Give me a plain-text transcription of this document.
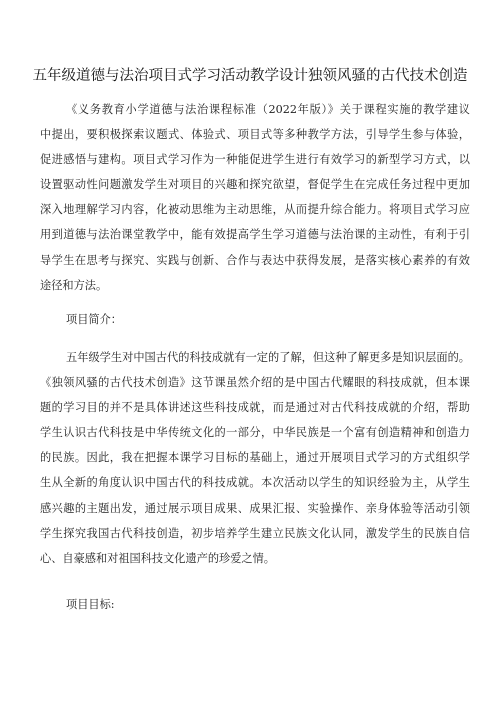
五年级道德与法治项目式学习活动教学设计独领风骚的古代技术创造
《义务教育小学道德与法治课程标准（2022年版）》关于课程实施的教学建议
中提出，要积极探索议题式、体验式、项目式等多种教学方法，引导学生参与体验，
促进感悟与建构。项目式学习作为一种能促进学生进行有效学习的新型学习方式，以
设置驱动性问题激发学生对项目的兴趣和探究欲望，督促学生在完成任务过程中更加
深入地理解学习内容，化被动思维为主动思维，从而提升综合能力。将项目式学习应
用到道德与法治课堂教学中，能有效提高学生学习道德与法治课的主动性，有利于引
导学生在思考与探究、实践与创新、合作与表达中获得发展，是落实核心素养的有效
途径和方法。
项目简介：
五年级学生对中国古代的科技成就有一定的了解，但这种了解更多是知识层面的。
《独领风骚的古代技术创造》这节课虽然介绍的是中国古代耀眼的科技成就，但本课
题的学习目的并不是具体讲述这些科技成就，而是通过对古代科技成就的介绍，帮助
学生认识古代科技是中华传统文化的一部分，中华民族是一个富有创造精神和创造力
的民族。因此，我在把握本课学习目标的基础上，通过开展项目式学习的方式组织学
生从全新的角度认识中国古代的科技成就。本次活动以学生的知识经验为主，从学生
感兴趣的主题出发，通过展示项目成果、成果汇报、实验操作、亲身体验等活动引领
学生探究我国古代科技创造，初步培养学生建立民族文化认同，激发学生的民族自信
心、自豪感和对祖国科技文化遗产的珍爱之情。
项目目标:
